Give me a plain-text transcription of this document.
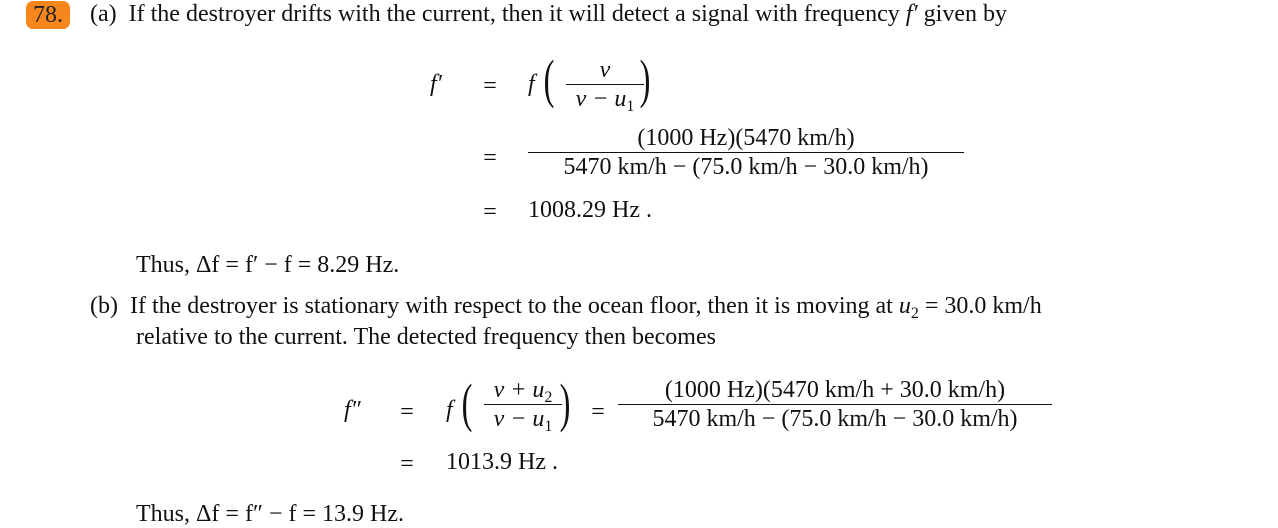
78. (a) If the destroyer drifts with the current, then it will detect a signal with frequency f′ given by
f′	=	f (	v
$v - u_1$ )
=
(1000 Hz)(5470 km/h)
5470 km/h − (75.0 km/h − 30.0 km/h)
=	1008.29 Hz .
Thus, Δf = f′ − f = 8.29 Hz.
(b) If the destroyer is stationary with respect to the ocean floor, then it is moving at $u_2 = 30.0$ km/h
relative to the current. The detected frequency then becomes
f″	=	f ( $v + u_2$
$v - u_1$ ) =
(1000 Hz)(5470 km/h + 30.0 km/h)
5470 km/h − (75.0 km/h − 30.0 km/h)
=	1013.9 Hz .
Thus, Δf = f″ − f = 13.9 Hz.
